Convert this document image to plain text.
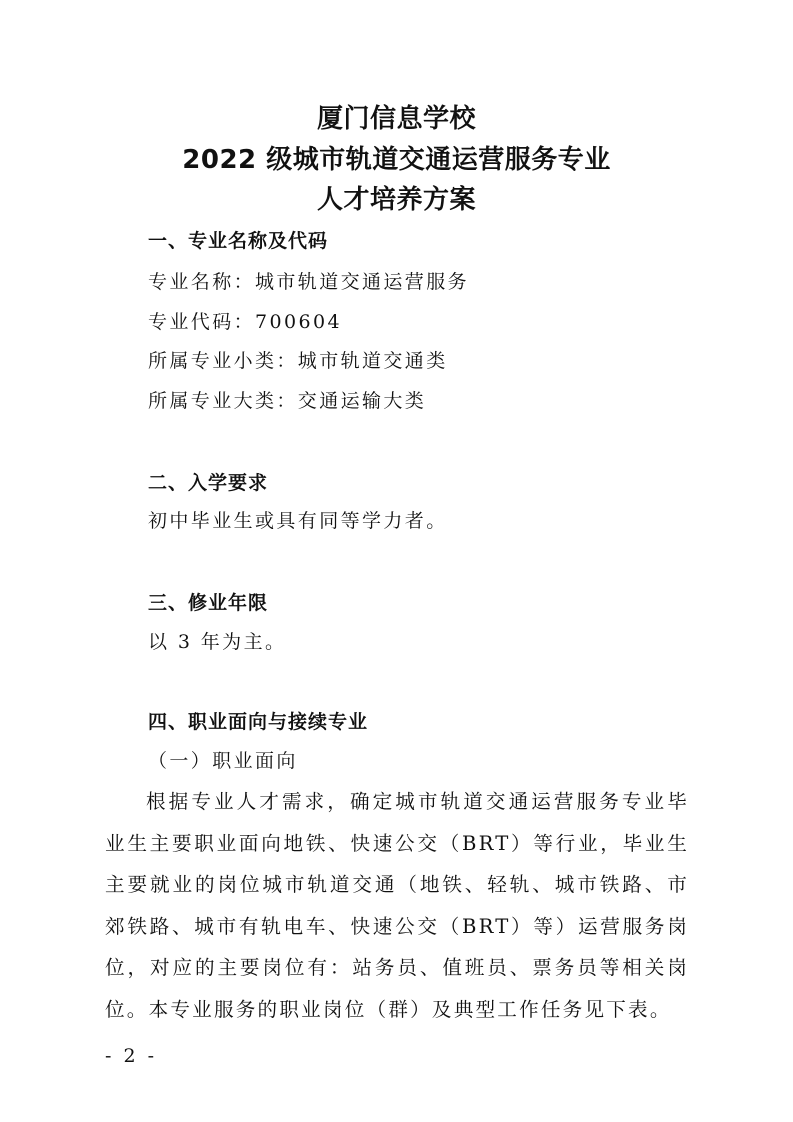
厦门信息学校
2022 级城市轨道交通运营服务专业
人才培养方案
一、专业名称及代码
专业名称：城市轨道交通运营服务
专业代码：700604
所属专业小类：城市轨道交通类
所属专业大类：交通运输大类
二、入学要求
初中毕业生或具有同等学力者。
三、修业年限
以 3 年为主。
四、职业面向与接续专业
（一）职业面向
根据专业人才需求，确定城市轨道交通运营服务专业毕业生主要职业面向地铁、快速公交（BRT）等行业，毕业生主要就业的岗位城市轨道交通（地铁、轻轨、城市铁路、市郊铁路、城市有轨电车、快速公交（BRT）等）运营服务岗位，对应的主要岗位有：站务员、值班员、票务员等相关岗位。本专业服务的职业岗位（群）及典型工作任务见下表。
- 2 -
